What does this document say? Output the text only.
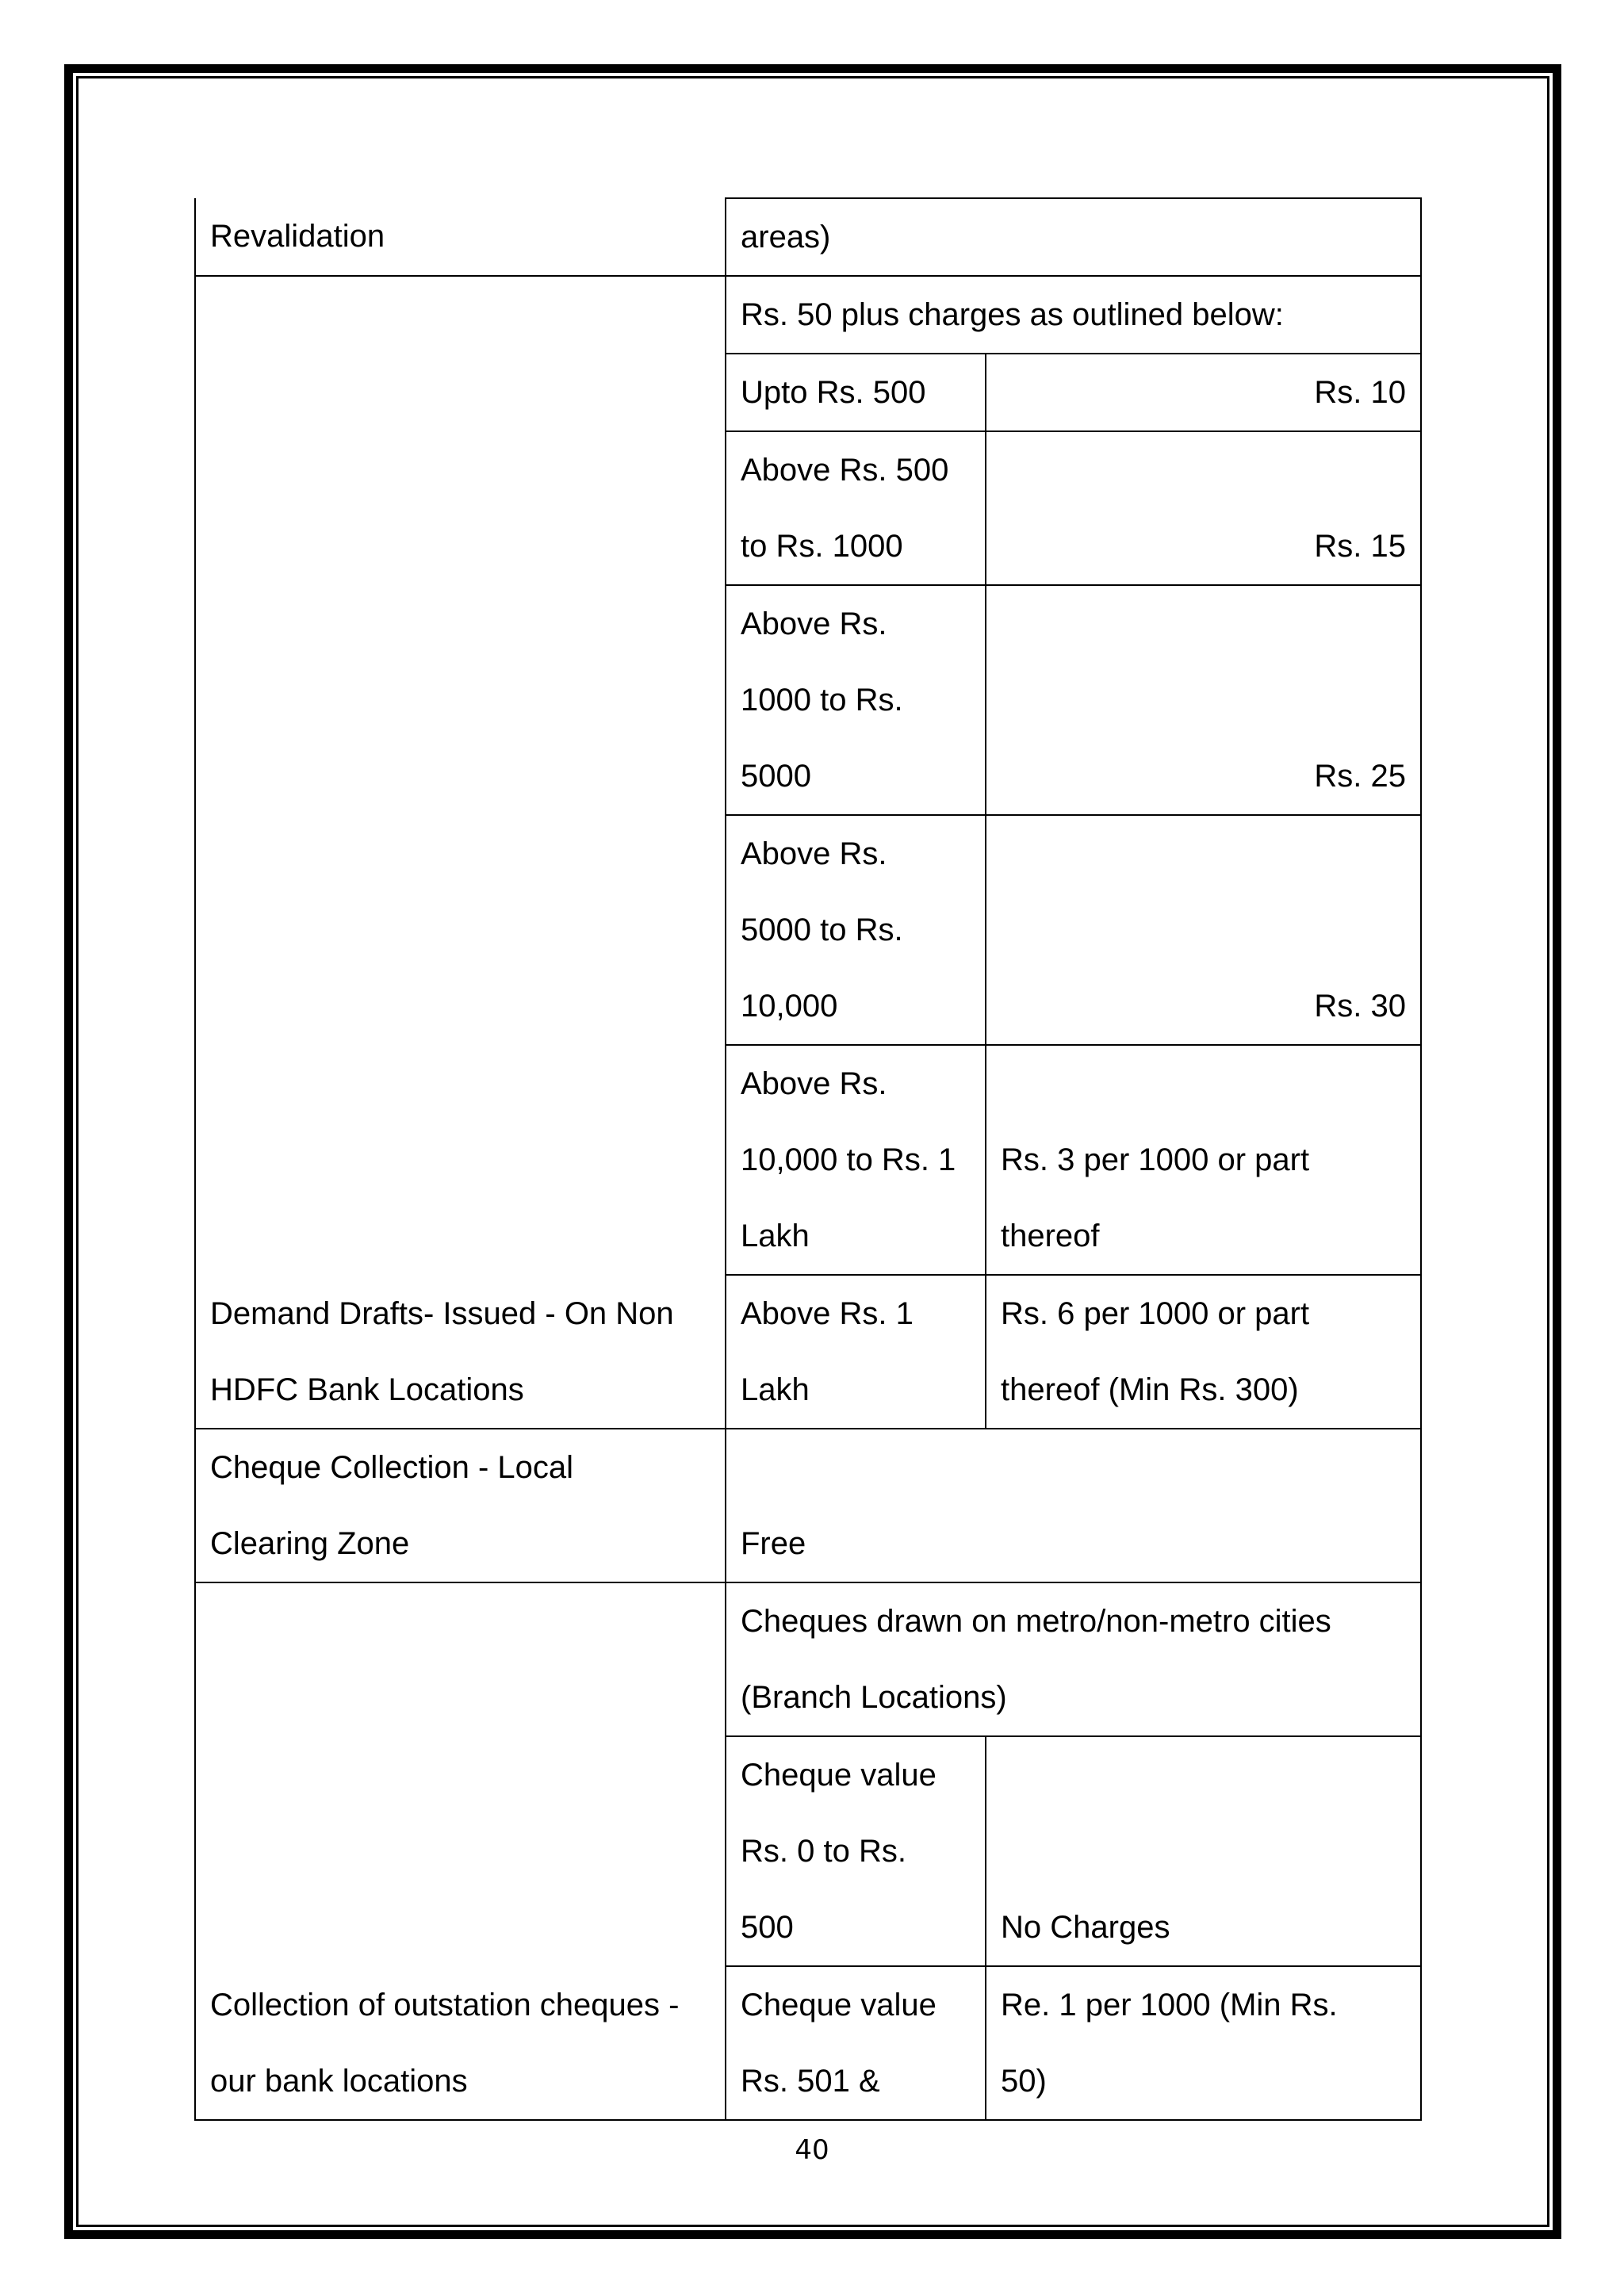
Revalidation	areas)	

Demand Drafts- Issued - On Non
HDFC Bank Locations	Rs. 50 plus charges as outlined below:	

	Upto Rs. 500	Rs. 10

	Above Rs. 500
to Rs. 1000	Rs. 15

	Above Rs.
1000 to Rs.
5000	Rs. 25

	Above Rs.
5000 to Rs.
10,000	Rs. 30

	Above Rs.
10,000 to Rs. 1
Lakh	Rs. 3 per 1000 or part
thereof

	Above Rs. 1
Lakh	Rs. 6 per 1000 or part
thereof (Min Rs. 300)

Cheque Collection - Local
Clearing Zone	Free	

Collection of outstation cheques -
our bank locations	Cheques drawn on metro/non-metro cities
(Branch Locations)	

	Cheque value
Rs. 0 to Rs.
500	No Charges

	Cheque value
Rs. 501 &	Re. 1 per 1000 (Min Rs.
50)
40
